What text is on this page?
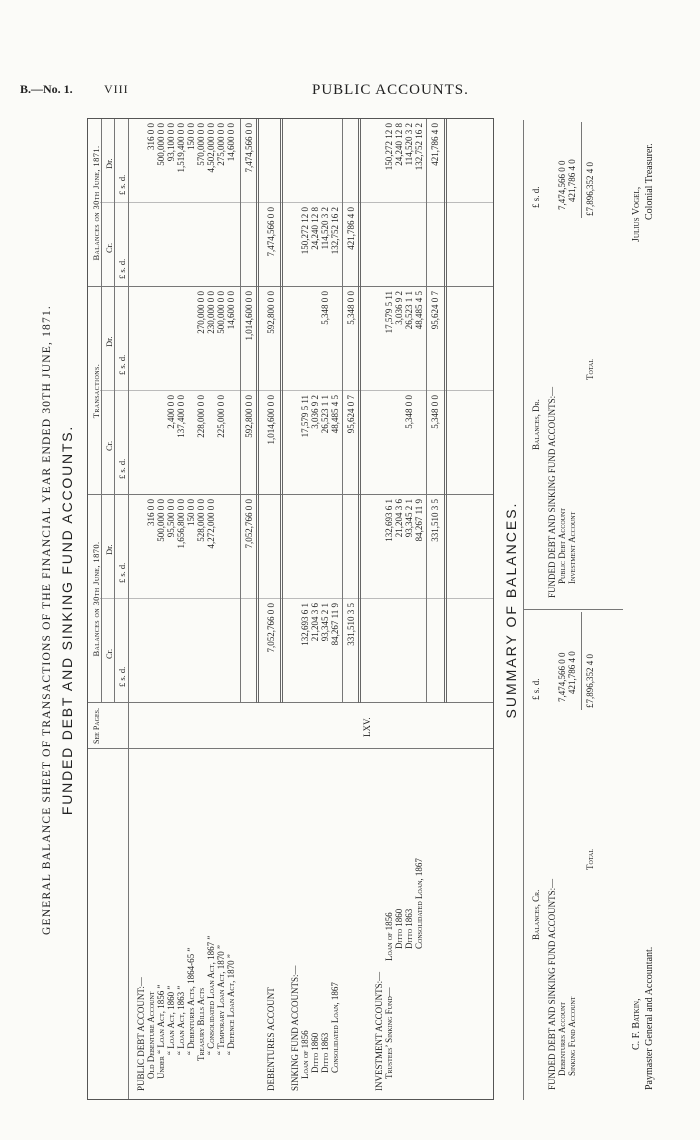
B.—No. 1.	VIII	PUBLIC ACCOUNTS.
GENERAL BALANCE SHEET OF TRANSACTIONS OF THE FINANCIAL YEAR ENDED 30TH JUNE, 1871. FUNDED DEBT AND SINKING FUND ACCOUNTS. See Pages.
Balances on 30th June, 1870.
Transactions.
Balances on 30th June, 1871.
Cr.
Dr.
Cr.
Dr.
Cr.
Dr.
£ s. d.
£ s. d.
£ s. d.
£ s. d.
£ s. d.
£ s. d.
PUBLIC DEBT ACCOUNT:— Old Debenture Account
316 0 0
316 0 0
Under “ Loan Act, 1856 ”
500,000 0 0
500,000 0 0
“ Loan Act, 1860 ”
95,500 0 0
2,400 0 0
93,100 0 0
“ Loan Act, 1863 ”
1,656,800 0 0
137,400 0 0
1,519,400 0 0
“ Debentures Acts, 1864-65 ”
150 0 0
150 0 0
Treasury Bills Acts
528,000 0 0
228,000 0 0
270,000 0 0
570,000 0 0
“ Consolidated Loan Act, 1867 ”
4,272,000 0 0
230,000 0 0
4,502,000 0 0
“ Temporary Loan Act, 1870 ”
225,000 0 0
500,000 0 0
275,000 0 0
“ Defence Loan Act, 1870 ”
14,600 0 0
14,600 0 0
7,052,766 0 0
592,800 0 0
1,014,600 0 0
7,474,566 0 0
DEBENTURES ACCOUNT
7,052,766 0 0
1,014,600 0 0
592,800 0 0
7,474,566 0 0
SINKING FUND ACCOUNTS:— Loan of 1856
132,693 6 1
17,579 5 11
150,272 12 0
Ditto 1860
21,204 3 6
3,036 9 2
24,240 12 8
Ditto 1863
93,345 2 1
26,523 1 1
5,348 0 0
114,520 3 2
Consolidated Loan, 1867
84,267 11 9
48,485 4 5
132,752 16 2
331,510 3 5
95,624 0 7
5,348 0 0
421,786 4 0
INVESTMENT ACCOUNTS:— Trustees’ Sinking Fund—
LXV.
Loan of 1856
132,693 6 1
17,579 5 11
150,272 12 0
Ditto 1860
21,204 3 6
3,036 9 2
24,240 12 8
Ditto 1863
93,345 2 1
5,348 0 0
26,523 1 1
114,520 3 2
Consolidated Loan, 1867
84,267 11 9
48,485 4 5
132,752 16 2
331,510 3 5
5,348 0 0
95,624 0 7
421,786 4 0
SUMMARY OF BALANCES.
Balances, Cr.
Balances, Dr.
£ s. d.
£ s. d.
FUNDED DEBT AND SINKING FUND ACCOUNTS:— Debentures Account
7,474,566 0 0
Sinking Fund Account
421,786 4 0
Total
£7,896,352 4 0
FUNDED DEBT AND SINKING FUND ACCOUNTS:— Public Debt Account
7,474,566 0 0
Investment Account
421,786 4 0
Total
£7,896,352 4 0
C. F. Batkin, Paymaster General and Accountant.
Julius Vogel, Colonial Treasurer.
